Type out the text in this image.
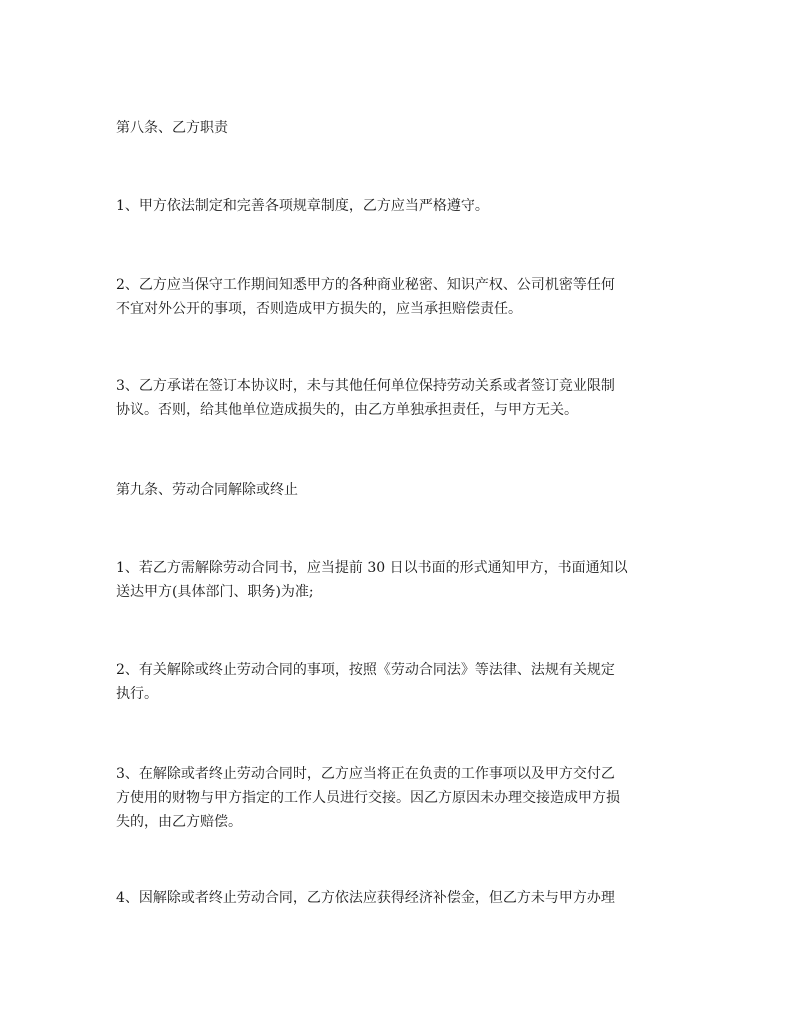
第八条、乙方职责
1、甲方依法制定和完善各项规章制度，乙方应当严格遵守。
2、乙方应当保守工作期间知悉甲方的各种商业秘密、知识产权、公司机密等任何
不宜对外公开的事项，否则造成甲方损失的，应当承担赔偿责任。
3、乙方承诺在签订本协议时，未与其他任何单位保持劳动关系或者签订竞业限制
协议。否则，给其他单位造成损失的，由乙方单独承担责任，与甲方无关。
第九条、劳动合同解除或终止
1、若乙方需解除劳动合同书，应当提前 30 日以书面的形式通知甲方，书面通知以
送达甲方(具体部门、职务)为准;
2、有关解除或终止劳动合同的事项，按照《劳动合同法》等法律、法规有关规定
执行。
3、在解除或者终止劳动合同时，乙方应当将正在负责的工作事项以及甲方交付乙
方使用的财物与甲方指定的工作人员进行交接。因乙方原因未办理交接造成甲方损
失的，由乙方赔偿。
4、因解除或者终止劳动合同，乙方依法应获得经济补偿金，但乙方未与甲方办理
